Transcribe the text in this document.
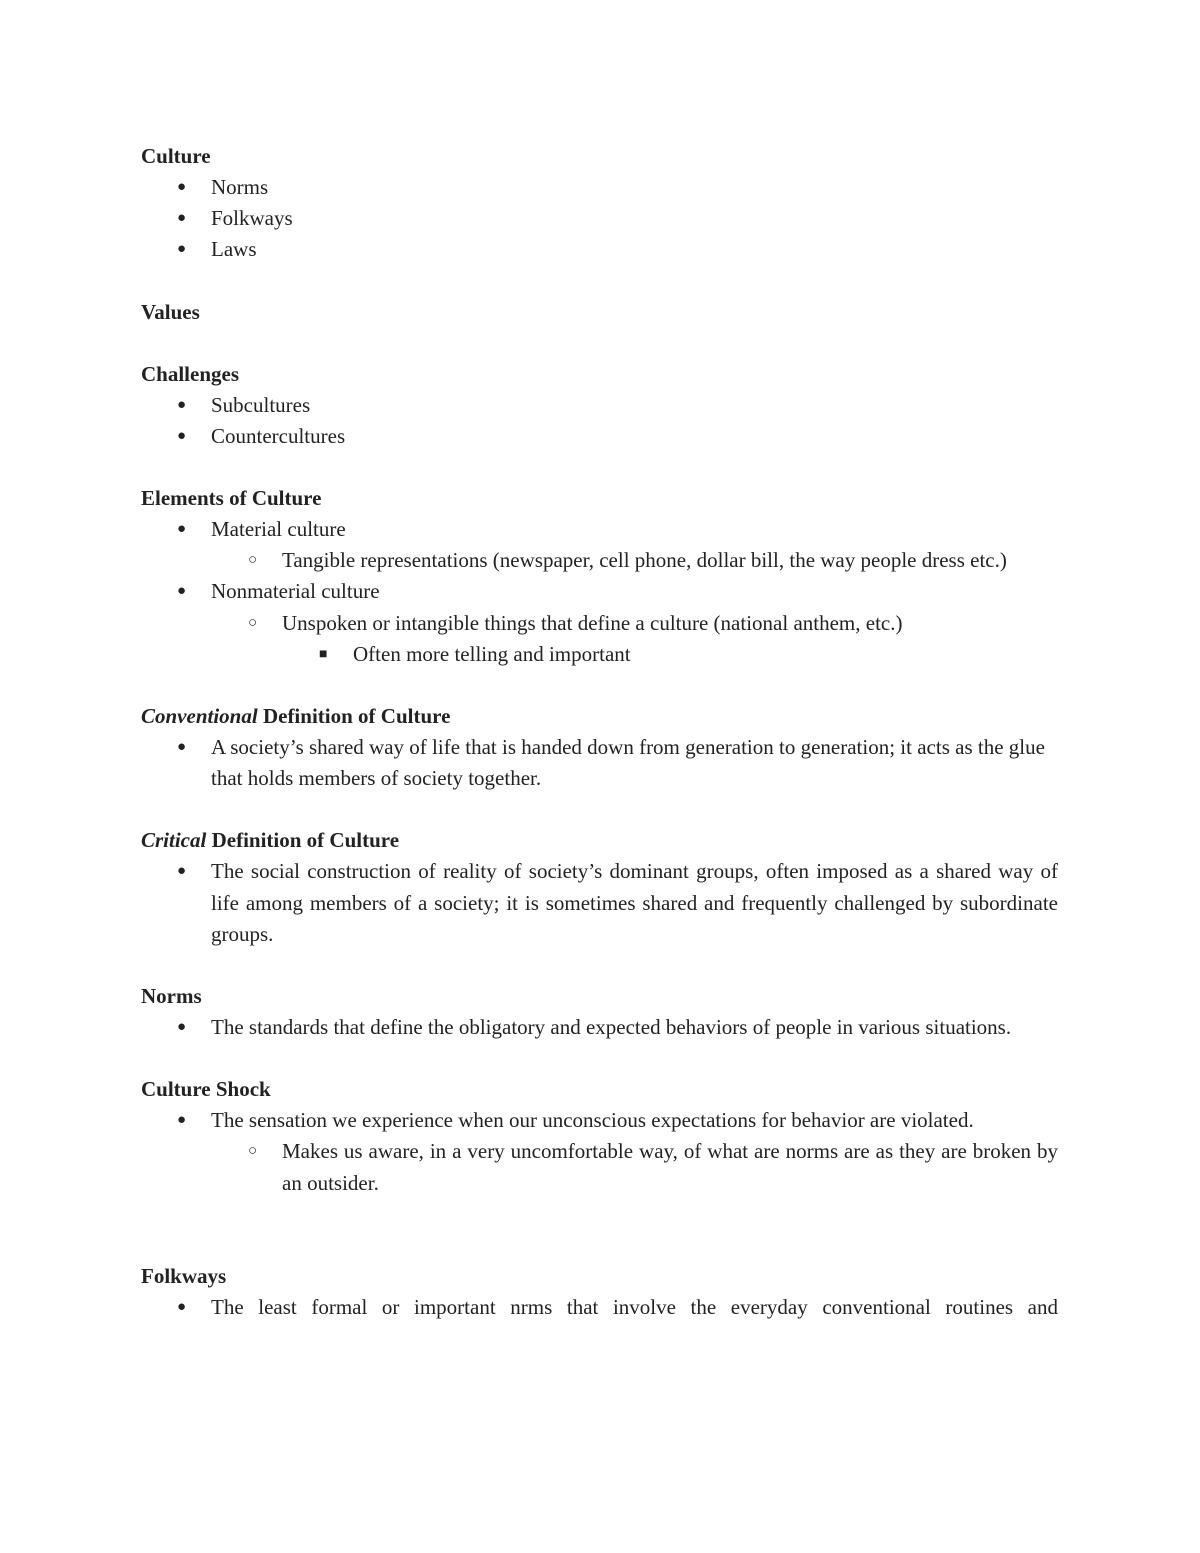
Culture

● Norms
● Folkways
● Laws

Values

Challenges

● Subcultures
● Countercultures

Elements of Culture

● Material culture
○ Tangible representations (newspaper, cell phone, dollar bill, the way people dress etc.)
● Nonmaterial culture
○ Unspoken or intangible things that define a culture (national anthem, etc.)
■ Often more telling and important

Conventional Definition of Culture

● A society’s shared way of life that is handed down from generation to generation; it acts as the glue that holds members of society together.

Critical Definition of Culture

● The social construction of reality of society’s dominant groups, often imposed as a shared way of life among members of a society; it is sometimes shared and frequently challenged by subordinate groups.

Norms

● The standards that define the obligatory and expected behaviors of people in various situations.

Culture Shock

● The sensation we experience when our unconscious expectations for behavior are violated.
○ Makes us aware, in a very uncomfortable way, of what are norms are as they are broken by an outsider.

Folkways

● The least formal or important nrms that involve the everyday conventional routines and
